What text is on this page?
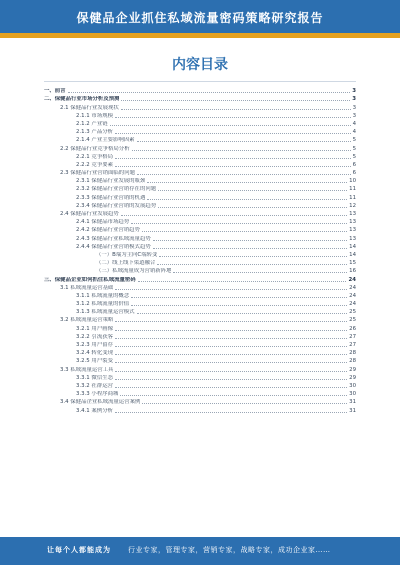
保健品企业抓住私域流量密码策略研究报告
内容目录
一、前言	3
二、保健品行业市场分析及预测	3
2.1 保健品行业发展现状	3
2.1.1 市场规模	3
2.1.2 产业链	4
2.1.3 产品分析	4
2.1.4 产业主要影响因素	5
2.2 保健品行业竞争格局分析	5
2.2.1 竞争格局	5
2.2.2 竞争要素	6
2.3 保健品行业营销面临的问题	6
2.3.1 保健品行业发展的瓶颈	10
2.3.2 保健品行业营销存在的问题	11
2.3.3 保健品行业营销的机遇	11
2.3.4 保健品行业营销的发展趋势	12
2.4 保健品行业发展趋势	13
2.4.1 保健品市场趋势	13
2.4.2 保健品行业营销趋势	13
2.4.3 保健品行业私域流量趋势	13
2.4.4 保健品行业营销模式趋势	14
（一）B端为主向C端转变	14
（二）线上线下渠道融合	15
（三）私域流量成为营销新阵地	16
三、保健品企业如何抓住私域流量密码	24
3.1 私域流量运营基础	24
3.1.1 私域流量的概念	24
3.1.2 私域流量的价值	24
3.1.3 私域流量运营模式	25
3.2 私域流量运营策略	25
3.2.1 用户画像	26
3.2.2 引流获客	27
3.2.3 用户留存	27
3.2.4 转化变现	28
3.2.5 用户裂变	28
3.3 私域流量运营工具	29
3.3.1 微信生态	29
3.3.2 社群运营	30
3.3.3 小程序商城	30
3.4 保健品企业私域流量运营案例	31
3.4.1 案例分析	31
让每个人都能成为 行业专家，管理专家，营销专家，战略专家，成功企业家……
